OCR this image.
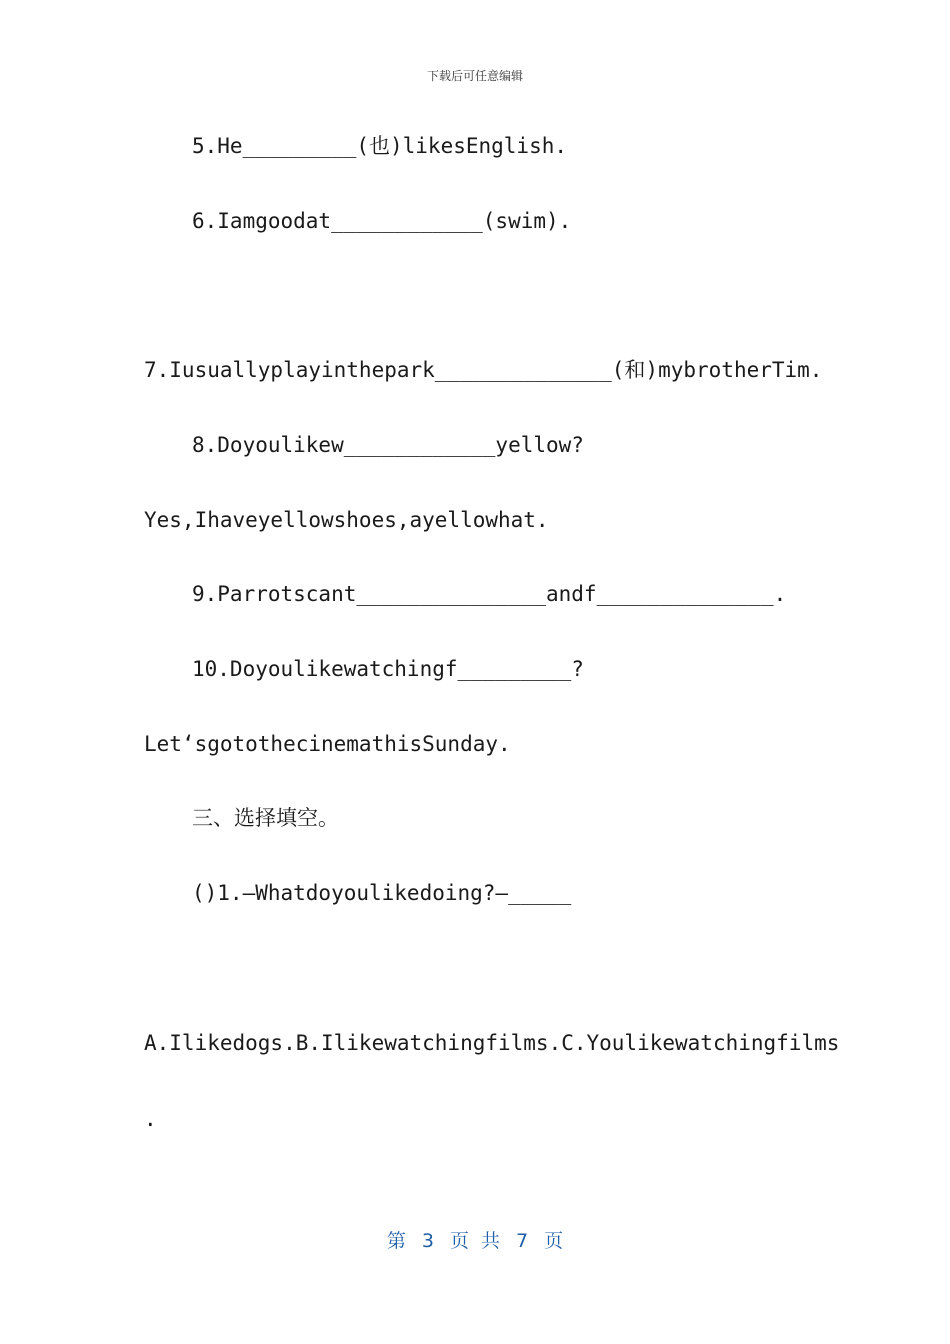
下载后可任意编辑
5.He_________(也)likesEnglish.
6.Iamgoodat____________(swim).
7.Iusuallyplayinthepark______________(和)mybrotherTim.
8.Doyoulikew____________yellow?
Yes,Ihaveyellowshoes,ayellowhat.
9.Parrotscant_______________andf______________.
10.Doyoulikewatchingf_________?
Let‘sgotothecinemathisSunday.
三、选择填空。
()1.—Whatdoyoulikedoing?—_____
A.Ilikedogs.B.Ilikewatchingfilms.C.Youlikewatchingfilms
.
第 3 页 共 7 页
